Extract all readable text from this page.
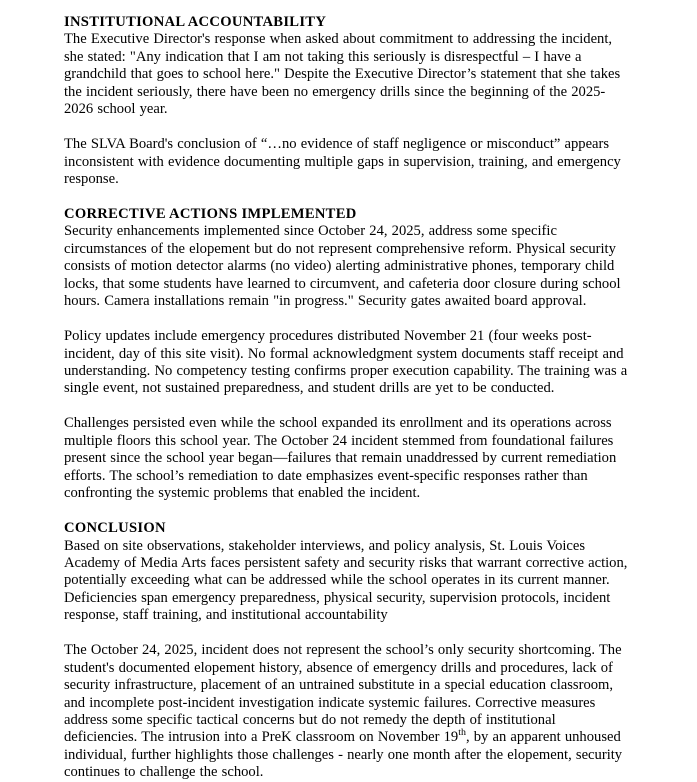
INSTITUTIONAL ACCOUNTABILITY

The Executive Director's response when asked about commitment to addressing the incident, she stated: "Any indication that I am not taking this seriously is disrespectful – I have a grandchild that goes to school here." Despite the Executive Director’s statement that she takes the incident seriously, there have been no emergency drills since the beginning of the 2025-2026 school year.

The SLVA Board's conclusion of “…no evidence of staff negligence or misconduct” appears inconsistent with evidence documenting multiple gaps in supervision, training, and emergency response.

CORRECTIVE ACTIONS IMPLEMENTED

Security enhancements implemented since October 24, 2025, address some specific circumstances of the elopement but do not represent comprehensive reform. Physical security consists of motion detector alarms (no video) alerting administrative phones, temporary child locks, that some students have learned to circumvent, and cafeteria door closure during school hours. Camera installations remain "in progress." Security gates awaited board approval.

Policy updates include emergency procedures distributed November 21 (four weeks post-incident, day of this site visit). No formal acknowledgment system documents staff receipt and understanding. No competency testing confirms proper execution capability. The training was a single event, not sustained preparedness, and student drills are yet to be conducted.

Challenges persisted even while the school expanded its enrollment and its operations across multiple floors this school year. The October 24 incident stemmed from foundational failures present since the school year began—failures that remain unaddressed by current remediation efforts. The school’s remediation to date emphasizes event-specific responses rather than confronting the systemic problems that enabled the incident.

CONCLUSION

Based on site observations, stakeholder interviews, and policy analysis, St. Louis Voices Academy of Media Arts faces persistent safety and security risks that warrant corrective action, potentially exceeding what can be addressed while the school operates in its current manner. Deficiencies span emergency preparedness, physical security, supervision protocols, incident response, staff training, and institutional accountability

The October 24, 2025, incident does not represent the school’s only security shortcoming. The student's documented elopement history, absence of emergency drills and procedures, lack of security infrastructure, placement of an untrained substitute in a special education classroom, and incomplete post-incident investigation indicate systemic failures. Corrective measures address some specific tactical concerns but do not remedy the depth of institutional deficiencies. The intrusion into a PreK classroom on November 19th, by an apparent unhoused individual, further highlights those challenges - nearly one month after the elopement, security continues to challenge the school.
